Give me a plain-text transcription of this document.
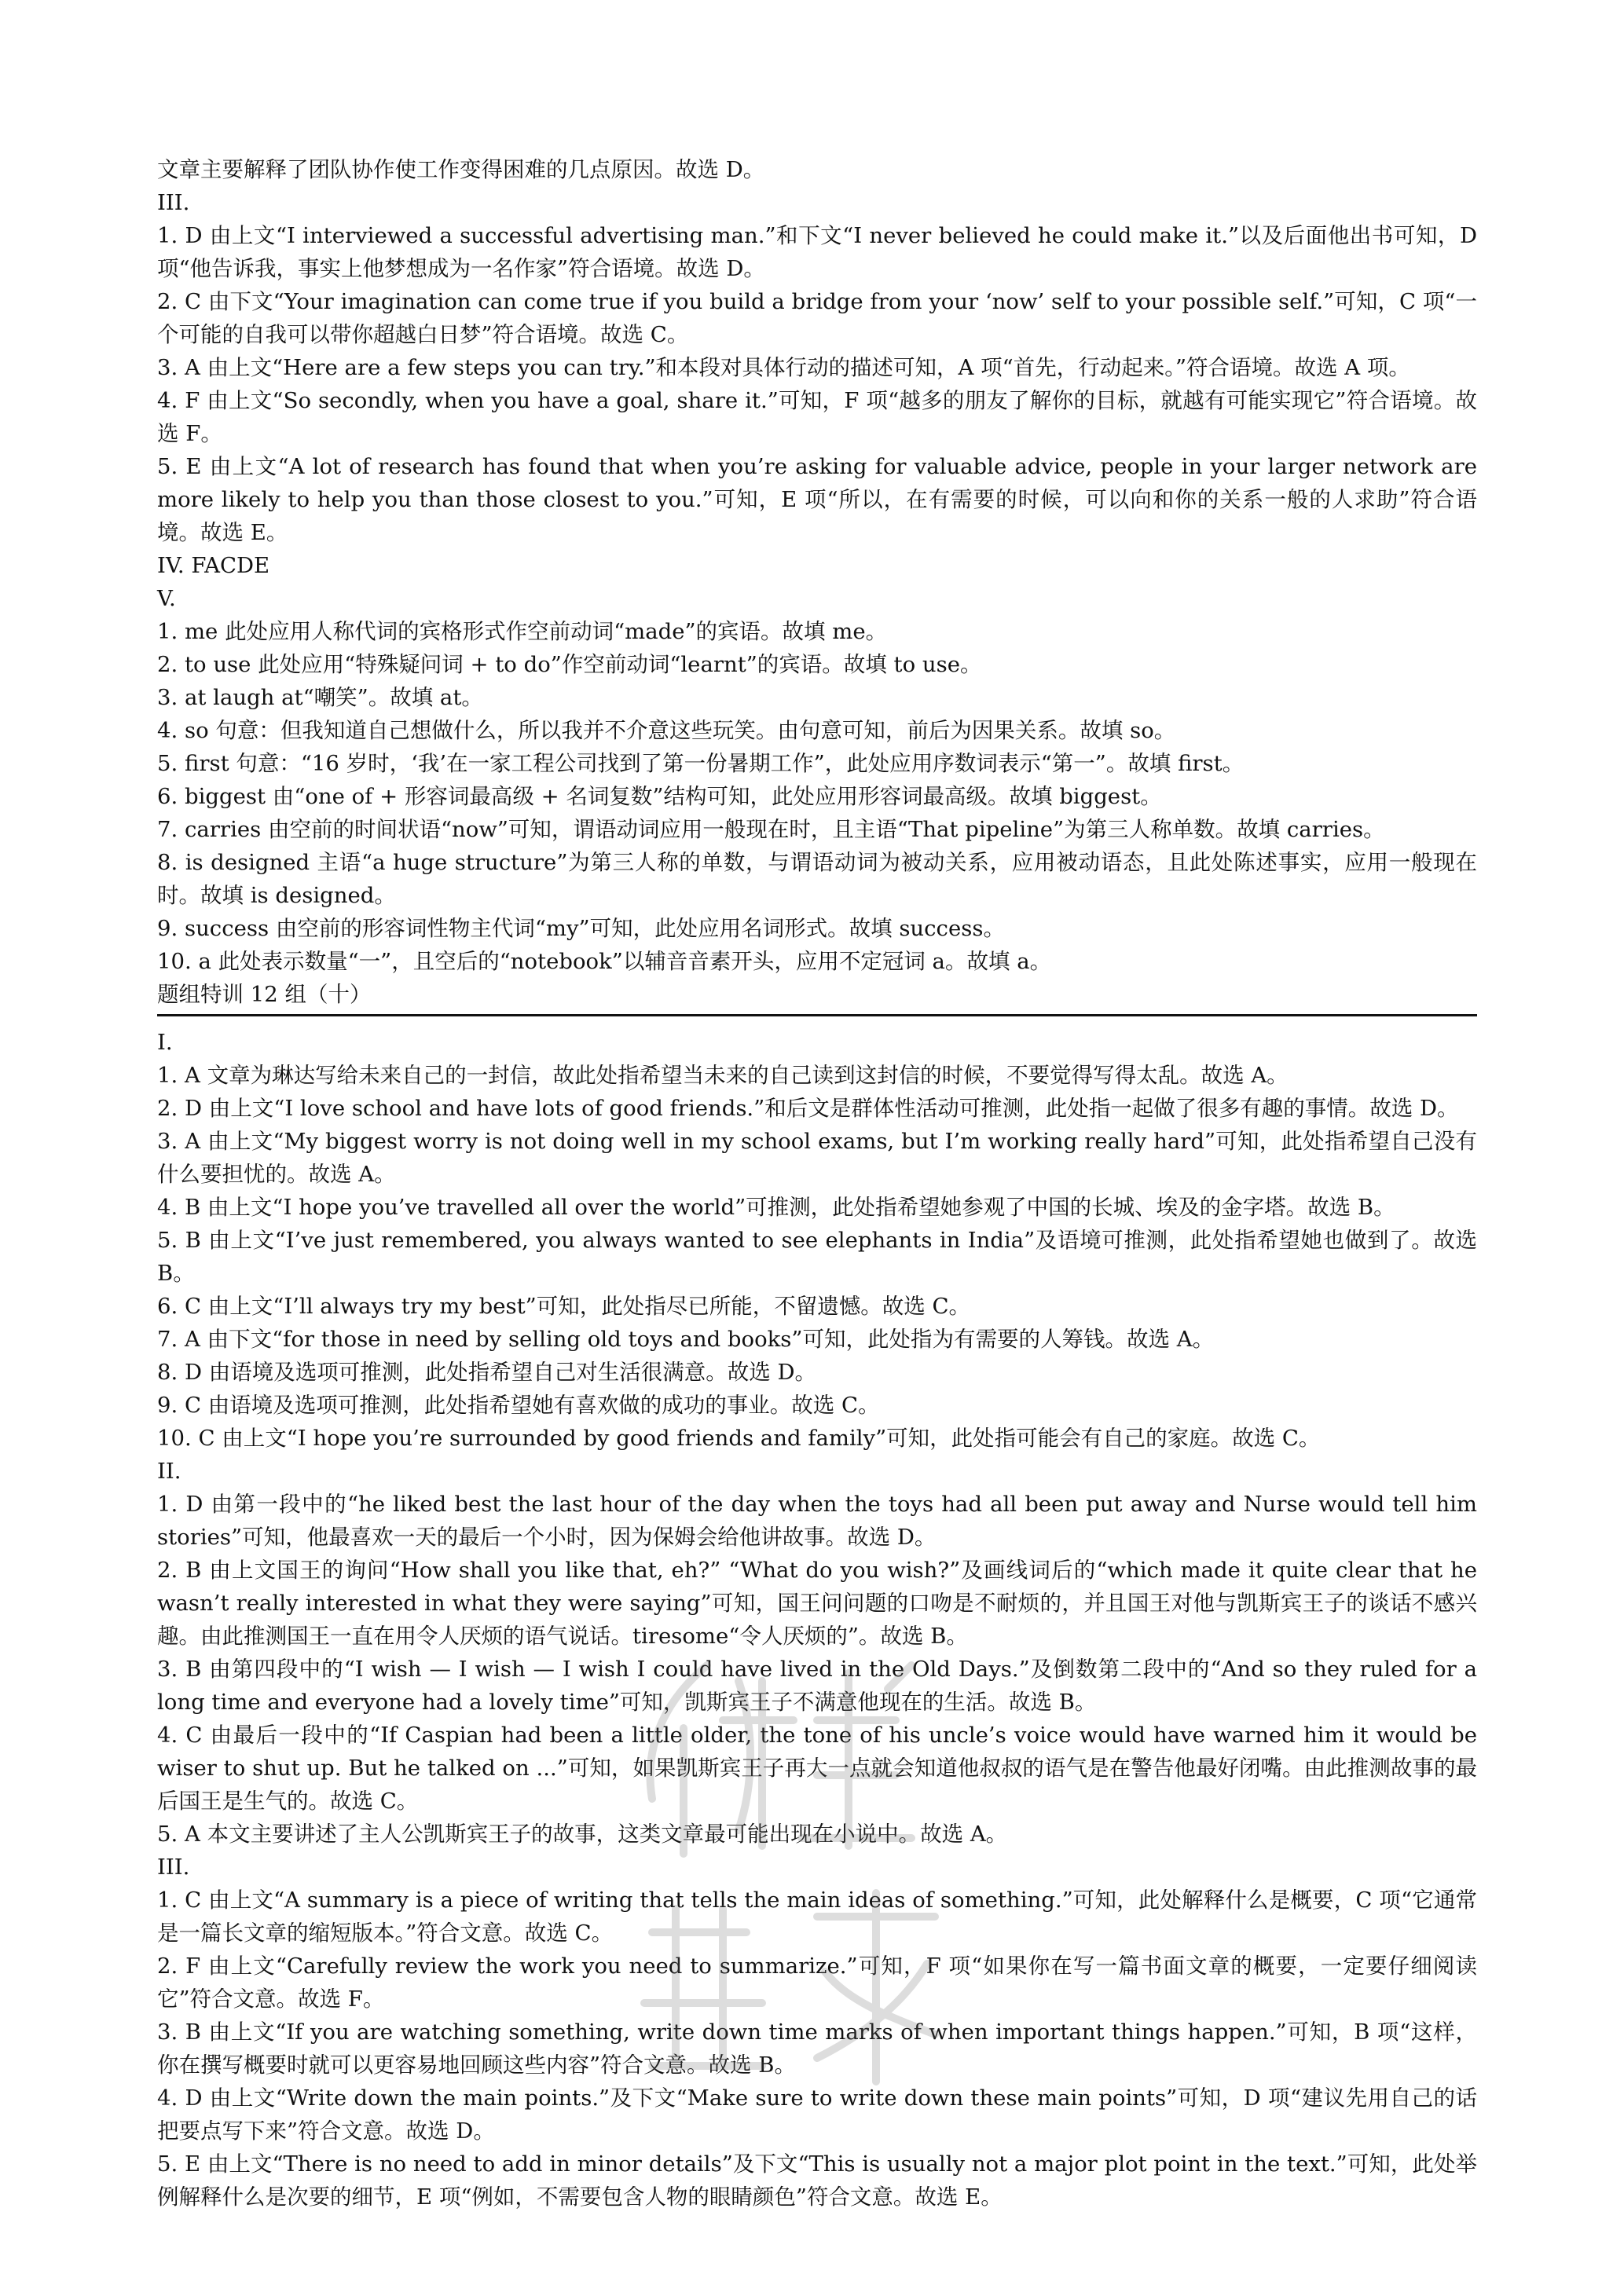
文章主要解释了团队协作使工作变得困难的几点原因。故选 D。

III.

1. D 由上文“I interviewed a successful advertising man.”和下文“I never believed he could make it.”以及后面他出书可知，D 项“他告诉我，事实上他梦想成为一名作家”符合语境。故选 D。

2. C 由下文“Your imagination can come true if you build a bridge from your ‘now’ self to your possible self.”可知，C 项“一个可能的自我可以带你超越白日梦”符合语境。故选 C。

3. A 由上文“Here are a few steps you can try.”和本段对具体行动的描述可知，A 项“首先，行动起来。”符合语境。故选 A 项。

4. F 由上文“So secondly, when you have a goal, share it.”可知，F 项“越多的朋友了解你的目标，就越有可能实现它”符合语境。故选 F。

5. E 由上文“A lot of research has found that when you’re asking for valuable advice, people in your larger network are more likely to help you than those closest to you.”可知，E 项“所以，在有需要的时候，可以向和你的关系一般的人求助”符合语境。故选 E。

IV. FACDE

V.

1. me 此处应用人称代词的宾格形式作空前动词“made”的宾语。故填 me。

2. to use 此处应用“特殊疑问词 + to do”作空前动词“learnt”的宾语。故填 to use。

3. at laugh at“嘲笑”。故填 at。

4. so 句意：但我知道自己想做什么，所以我并不介意这些玩笑。由句意可知，前后为因果关系。故填 so。

5. first 句意：“16 岁时，‘我’在一家工程公司找到了第一份暑期工作”，此处应用序数词表示“第一”。故填 first。

6. biggest 由“one of + 形容词最高级 + 名词复数”结构可知，此处应用形容词最高级。故填 biggest。

7. carries 由空前的时间状语“now”可知，谓语动词应用一般现在时，且主语“That pipeline”为第三人称单数。故填 carries。

8. is designed 主语“a huge structure”为第三人称的单数，与谓语动词为被动关系，应用被动语态，且此处陈述事实，应用一般现在时。故填 is designed。

9. success 由空前的形容词性物主代词“my”可知，此处应用名词形式。故填 success。

10. a 此处表示数量“一”，且空后的“notebook”以辅音音素开头，应用不定冠词 a。故填 a。

题组特训 12 组（十）

I.

1. A 文章为琳达写给未来自己的一封信，故此处指希望当未来的自己读到这封信的时候，不要觉得写得太乱。故选 A。

2. D 由上文“I love school and have lots of good friends.”和后文是群体性活动可推测，此处指一起做了很多有趣的事情。故选 D。

3. A 由上文“My biggest worry is not doing well in my school exams, but I’m working really hard”可知，此处指希望自己没有什么要担忧的。故选 A。

4. B 由上文“I hope you’ve travelled all over the world”可推测，此处指希望她参观了中国的长城、埃及的金字塔。故选 B。

5. B 由上文“I’ve just remembered, you always wanted to see elephants in India”及语境可推测，此处指希望她也做到了。故选 B。

6. C 由上文“I’ll always try my best”可知，此处指尽已所能，不留遗憾。故选 C。

7. A 由下文“for those in need by selling old toys and books”可知，此处指为有需要的人筹钱。故选 A。

8. D 由语境及选项可推测，此处指希望自己对生活很满意。故选 D。

9. C 由语境及选项可推测，此处指希望她有喜欢做的成功的事业。故选 C。

10. C 由上文“I hope you’re surrounded by good friends and family”可知，此处指可能会有自己的家庭。故选 C。

II.

1. D 由第一段中的“he liked best the last hour of the day when the toys had all been put away and Nurse would tell him stories”可知，他最喜欢一天的最后一个小时，因为保姆会给他讲故事。故选 D。

2. B 由上文国王的询问“How shall you like that, eh?” “What do you wish?”及画线词后的“which made it quite clear that he wasn’t really interested in what they were saying”可知，国王问问题的口吻是不耐烦的，并且国王对他与凯斯宾王子的谈话不感兴趣。由此推测国王一直在用令人厌烦的语气说话。tiresome“令人厌烦的”。故选 B。

3. B 由第四段中的“I wish — I wish — I wish I could have lived in the Old Days.”及倒数第二段中的“And so they ruled for a long time and everyone had a lovely time”可知，凯斯宾王子不满意他现在的生活。故选 B。

4. C 由最后一段中的“If Caspian had been a little older, the tone of his uncle’s voice would have warned him it would be wiser to shut up. But he talked on ...”可知，如果凯斯宾王子再大一点就会知道他叔叔的语气是在警告他最好闭嘴。由此推测故事的最后国王是生气的。故选 C。

5. A 本文主要讲述了主人公凯斯宾王子的故事，这类文章最可能出现在小说中。故选 A。

III.

1. C 由上文“A summary is a piece of writing that tells the main ideas of something.”可知，此处解释什么是概要，C 项“它通常是一篇长文章的缩短版本。”符合文意。故选 C。

2. F 由上文“Carefully review the work you need to summarize.”可知，F 项“如果你在写一篇书面文章的概要，一定要仔细阅读它”符合文意。故选 F。

3. B 由上文“If you are watching something, write down time marks of when important things happen.”可知，B 项“这样，你在撰写概要时就可以更容易地回顾这些内容”符合文意。故选 B。

4. D 由上文“Write down the main points.”及下文“Make sure to write down these main points”可知，D 项“建议先用自己的话把要点写下来”符合文意。故选 D。

5. E 由上文“There is no need to add in minor details”及下文“This is usually not a major plot point in the text.”可知，此处举例解释什么是次要的细节，E 项“例如，不需要包含人物的眼睛颜色”符合文意。故选 E。
